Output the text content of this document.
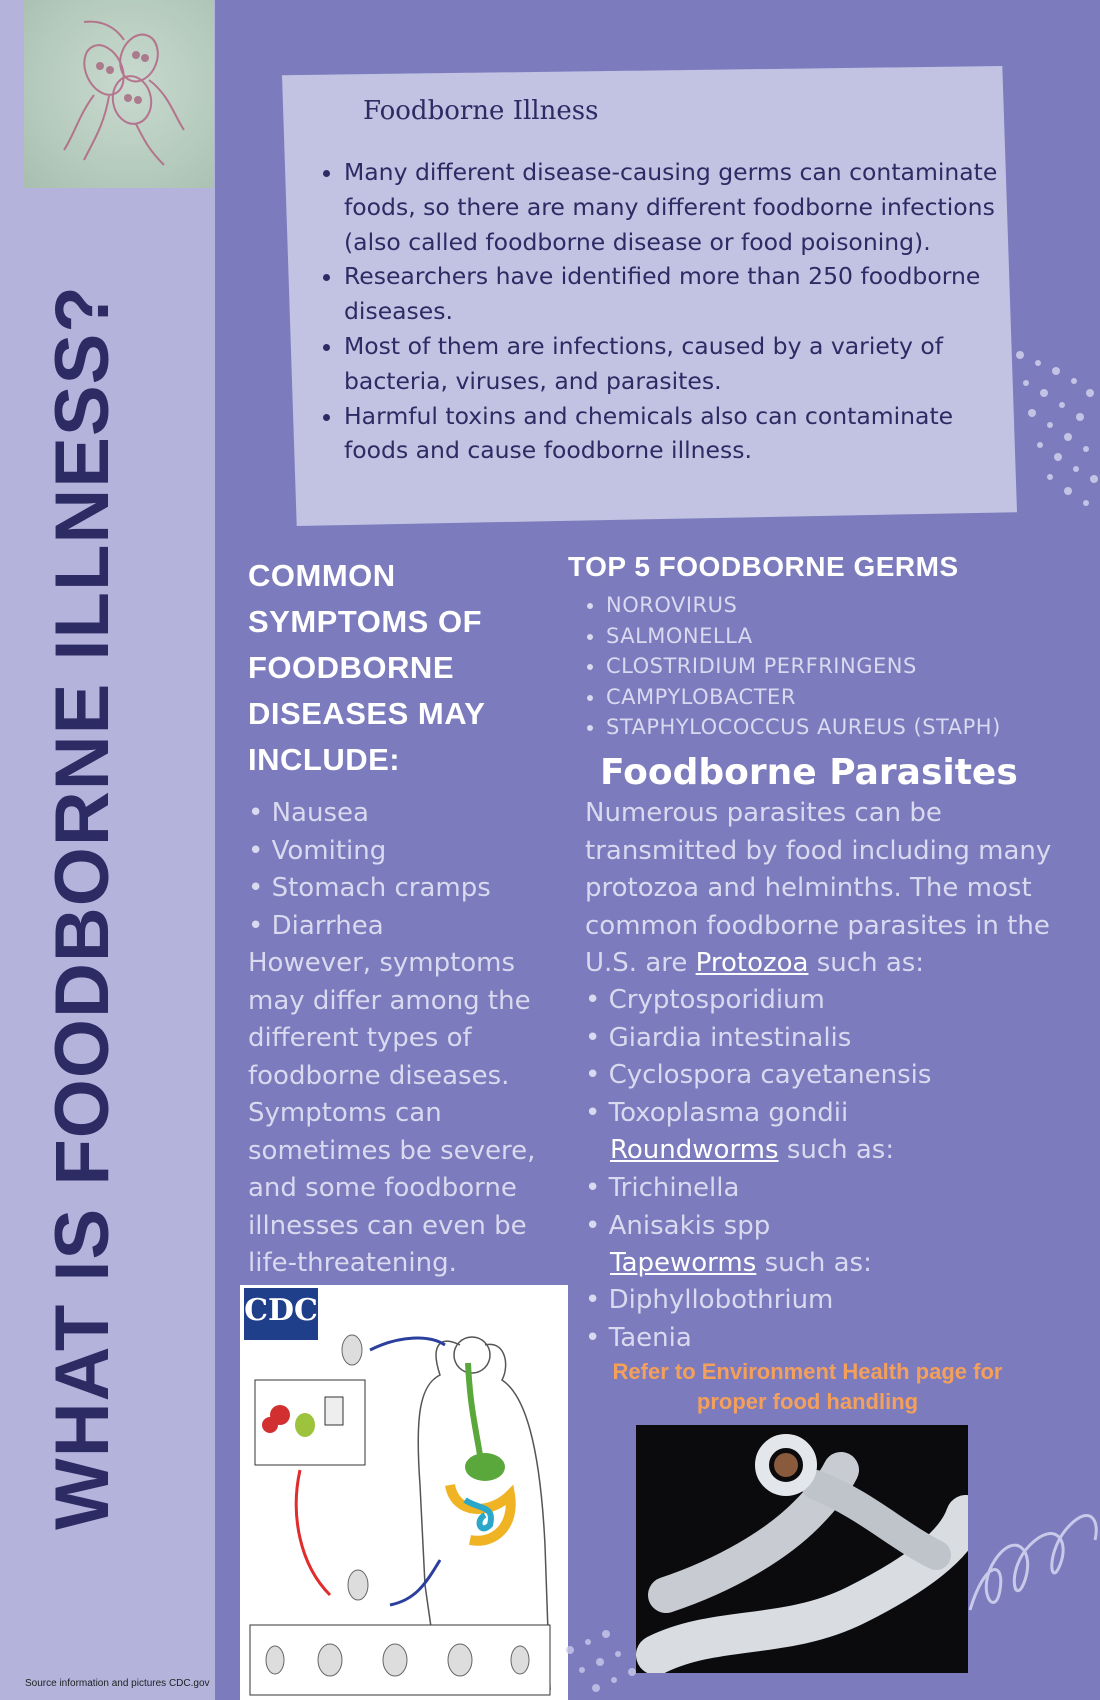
WHAT IS FOODBORNE ILLNESS?
Source information and pictures CDC.gov
Foodborne Illness
• Many different disease-causing germs can contaminate foods, so there are many different foodborne infections (also called foodborne disease or food poisoning).
• Researchers have identified more than 250 foodborne diseases.
• Most of them are infections, caused by a variety of bacteria, viruses, and parasites.
• Harmful toxins and chemicals also can contaminate foods and cause foodborne illness.
COMMON SYMPTOMS OF FOODBORNE DISEASES MAY INCLUDE:
• Nausea
• Vomiting
• Stomach cramps
• Diarrhea
However, symptoms may differ among the different types of foodborne diseases. Symptoms can sometimes be severe, and some foodborne illnesses can even be life-threatening.
TOP 5 FOODBORNE GERMS
• NOROVIRUS
• SALMONELLA
• CLOSTRIDIUM PERFRINGENS
• CAMPYLOBACTER
• STAPHYLOCOCCUS AUREUS (STAPH)
Foodborne Parasites
Numerous parasites can be transmitted by food including many protozoa and helminths. The most common foodborne parasites in the U.S. are Protozoa such as:
• Cryptosporidium
• Giardia intestinalis
• Cyclospora cayetanensis
• Toxoplasma gondii
Roundworms such as:
• Trichinella
• Anisakis spp
Tapeworms such as:
• Diphyllobothrium
• Taenia
Refer to Environment Health page for proper food handling
CDC
